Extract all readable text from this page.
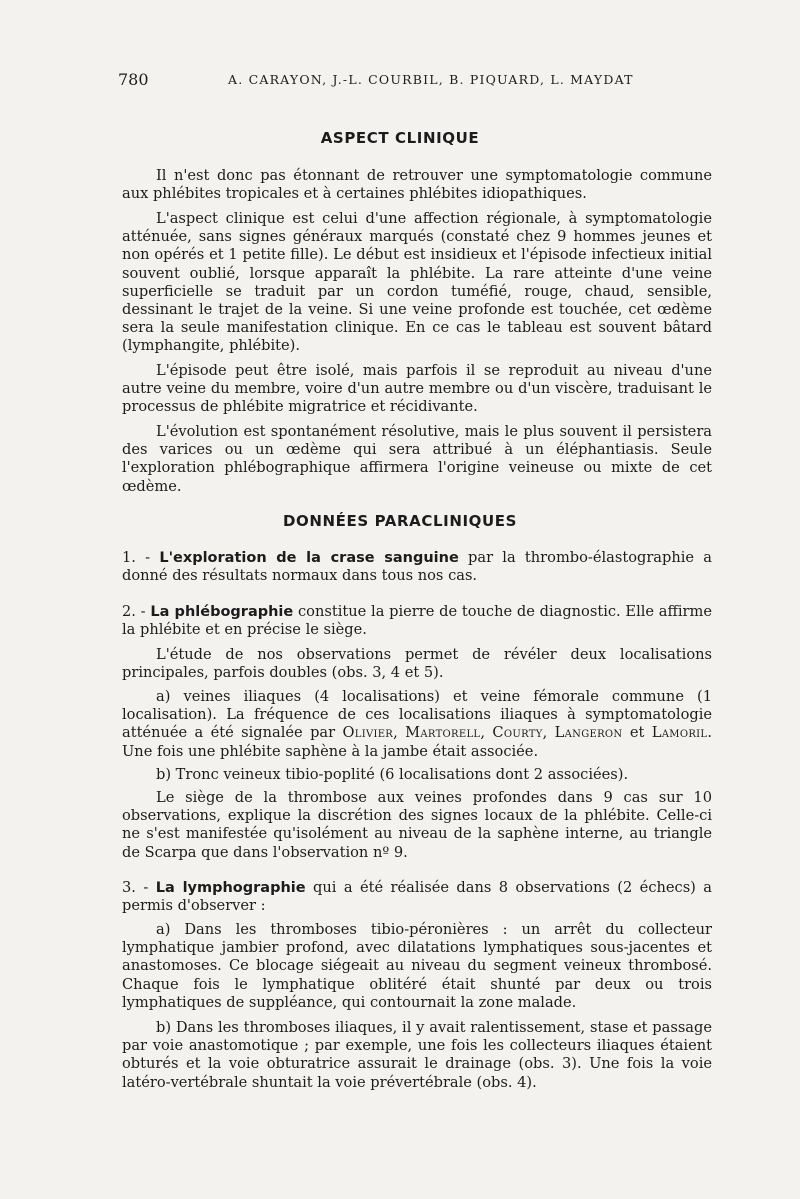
780	A. CARAYON, J.-L. COURBIL, B. PIQUARD, L. MAYDAT
ASPECT CLINIQUE

Il n'est donc pas étonnant de retrouver une symptomatologie commune aux phlébites tropicales et à certaines phlébites idiopathiques.

L'aspect clinique est celui d'une affection régionale, à symptomatologie atténuée, sans signes généraux marqués (constaté chez 9 hommes jeunes et non opérés et 1 petite fille). Le début est insidieux et l'épisode infectieux initial souvent oublié, lorsque apparaît la phlébite. La rare atteinte d'une veine superficielle se traduit par un cordon tuméfié, rouge, chaud, sensible, dessinant le trajet de la veine. Si une veine profonde est touchée, cet œdème sera la seule manifestation clinique. En ce cas le tableau est souvent bâtard (lymphangite, phlébite).

L'épisode peut être isolé, mais parfois il se reproduit au niveau d'une autre veine du membre, voire d'un autre membre ou d'un viscère, traduisant le processus de phlébite migratrice et récidivante.

L'évolution est spontanément résolutive, mais le plus souvent il persistera des varices ou un œdème qui sera attribué à un éléphantiasis. Seule l'exploration phlébographique affirmera l'origine veineuse ou mixte de cet œdème.

DONNÉES PARACLINIQUES

1. - L'exploration de la crase sanguine par la thrombo-élastographie a donné des résultats normaux dans tous nos cas.

2. - La phlébographie constitue la pierre de touche de diagnostic. Elle affirme la phlébite et en précise le siège.

L'étude de nos observations permet de révéler deux localisations principales, parfois doubles (obs. 3, 4 et 5).

a) veines iliaques (4 localisations) et veine fémorale commune (1 localisation). La fréquence de ces localisations iliaques à symptomatologie atténuée a été signalée par Olivier, Martorell, Courty, Langeron et Lamoril. Une fois une phlébite saphène à la jambe était associée.

b) Tronc veineux tibio-poplité (6 localisations dont 2 associées).

Le siège de la thrombose aux veines profondes dans 9 cas sur 10 observations, explique la discrétion des signes locaux de la phlébite. Celle-ci ne s'est manifestée qu'isolément au niveau de la saphène interne, au triangle de Scarpa que dans l'observation nº 9.

3. - La lymphographie qui a été réalisée dans 8 observations (2 échecs) a permis d'observer :

a) Dans les thromboses tibio-péronières : un arrêt du collecteur lymphatique jambier profond, avec dilatations lymphatiques sous-jacentes et anastomoses. Ce blocage siégeait au niveau du segment veineux thrombosé. Chaque fois le lymphatique oblitéré était shunté par deux ou trois lymphatiques de suppléance, qui contournait la zone malade.

b) Dans les thromboses iliaques, il y avait ralentissement, stase et passage par voie anastomotique ; par exemple, une fois les collecteurs iliaques étaient obturés et la voie obturatrice assurait le drainage (obs. 3). Une fois la voie latéro-vertébrale shuntait la voie prévertébrale (obs. 4).
